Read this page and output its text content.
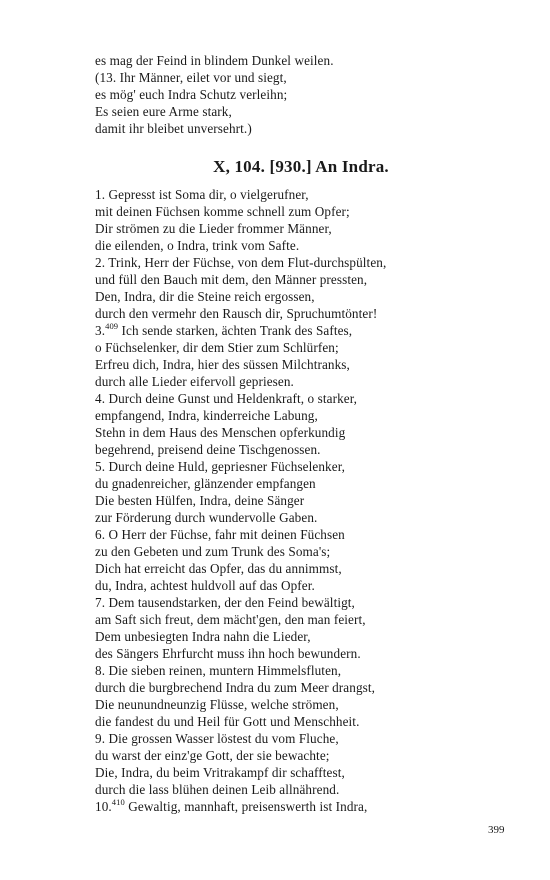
es mag der Feind in blindem Dunkel weilen.
(13. Ihr Männer, eilet vor und siegt,
es mög' euch Indra Schutz verleihn;
Es seien eure Arme stark,
damit ihr bleibet unversehrt.)
X, 104. [930.] An Indra.
1. Gepresst ist Soma dir, o vielgerufner,
mit deinen Füchsen komme schnell zum Opfer;
Dir strömen zu die Lieder frommer Männer,
die eilenden, o Indra, trink vom Safte.
2. Trink, Herr der Füchse, von dem Flut-durchspülten,
und füll den Bauch mit dem, den Männer pressten,
Den, Indra, dir die Steine reich ergossen,
durch den vermehr den Rausch dir, Spruchumtönter!
3.$^{409}$ Ich sende starken, ächten Trank des Saftes,
o Füchselenker, dir dem Stier zum Schlürfen;
Erfreu dich, Indra, hier des süssen Milchtranks,
durch alle Lieder eifervoll gepriesen.
4. Durch deine Gunst und Heldenkraft, o starker,
empfangend, Indra, kinderreiche Labung,
Stehn in dem Haus des Menschen opferkundig
begehrend, preisend deine Tischgenossen.
5. Durch deine Huld, gepriesner Füchselenker,
du gnadenreicher, glänzender empfangen
Die besten Hülfen, Indra, deine Sänger
zur Förderung durch wundervolle Gaben.
6. O Herr der Füchse, fahr mit deinen Füchsen
zu den Gebeten und zum Trunk des Soma's;
Dich hat erreicht das Opfer, das du annimmst,
du, Indra, achtest huldvoll auf das Opfer.
7. Dem tausendstarken, der den Feind bewältigt,
am Saft sich freut, dem mächt'gen, den man feiert,
Dem unbesiegten Indra nahn die Lieder,
des Sängers Ehrfurcht muss ihn hoch bewundern.
8. Die sieben reinen, muntern Himmelsfluten,
durch die burgbrechend Indra du zum Meer drangst,
Die neunundneunzig Flüsse, welche strömen,
die fandest du und Heil für Gott und Menschheit.
9. Die grossen Wasser löstest du vom Fluche,
du warst der einz'ge Gott, der sie bewachte;
Die, Indra, du beim Vritrakampf dir schafftest,
durch die lass blühen deinen Leib allnährend.
10.$^{410}$ Gewaltig, mannhaft, preisenswerth ist Indra,
399
